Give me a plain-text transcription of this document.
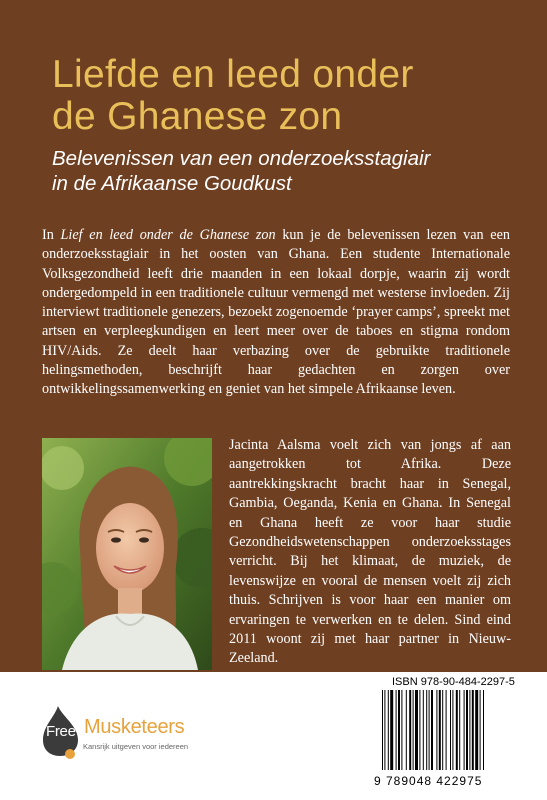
Liefde en leed onder
de Ghanese zon
Belevenissen van een onderzoeksstagiair
in de Afrikaanse Goudkust
In Lief en leed onder de Ghanese zon kun je de belevenissen lezen van een onderzoeksstagiair in het oosten van Ghana. Een studente Internationale Volksgezondheid leeft drie maanden in een lokaal dorpje, waarin zij wordt ondergedompeld in een traditionele cultuur vermengd met westerse invloeden. Zij interviewt traditionele genezers, bezoekt zogenoemde ‘prayer camps’, spreekt met artsen en verpleegkundigen en leert meer over de taboes en stigma rondom HIV/Aids. Ze deelt haar verbazing over de gebruikte traditionele helingsmethoden, beschrijft haar gedachten en zorgen over ontwikkelingssamenwerking en geniet van het simpele Afrikaanse leven.
Jacinta Aalsma voelt zich van jongs af aan aangetrokken tot Afrika. Deze aantrekkingskracht bracht haar in Senegal, Gambia, Oeganda, Kenia en Ghana. In Senegal en Ghana heeft ze voor haar studie Gezondheidswetenschappen onderzoeksstages verricht. Bij het klimaat, de muziek, de levenswijze en vooral de mensen voelt zij zich thuis. Schrijven is voor haar een manier om ervaringen te verwerken en te delen. Sind eind 2011 woont zij met haar partner in Nieuw-Zeeland.
Free Musketeers
Kansrijk uitgeven voor iedereen
ISBN 978-90-484-2297-5
9 789048 422975
